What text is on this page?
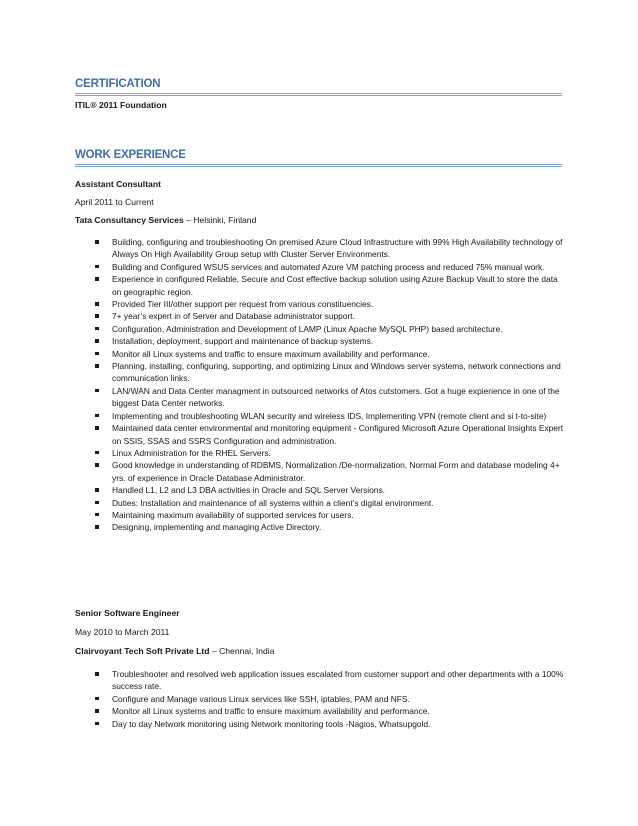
CERTIFICATION
ITIL® 2011 Foundation
WORK EXPERIENCE
Assistant Consultant
April 2011 to Current
Tata Consultancy Services – Helsinki, Finland
Building, configuring and troubleshooting On premised Azure Cloud Infrastructure with 99% High Availability technology of Always On High Availability Group setup with Cluster Server Environments.
Building and Configured WSUS services and automated Azure VM patching process and reduced 75% manual work.
Experience in configured Reliable, Secure and Cost effective backup solution using Azure Backup Vault to store the data on geographic region.
Provided Tier III/other support per request from various constituencies.
7+ year’s expert in of Server and Database administrator support.
Configuration, Administration and Development of LAMP (Linux Apache MySQL PHP) based architecture.
Installation, deployment, support and maintenance of backup systems.
Monitor all Linux systems and traffic to ensure maximum availability and performance.
Planning, installing, configuring, supporting, and optimizing Linux and Windows server systems, network connections and communication links.
LAN/WAN and Data Center managment in outsourced networks of Atos cutstomers. Got a huge expierience in one of the biggest Data Center networks.
Implementing and troubleshooting WLAN security and wireless IDS, Implementing VPN (remote client and si t-to-site)
Maintained data center environmental and monitoring equipment - Configured Microsoft Azure Operational Insights Expert on SSIS, SSAS and SSRS Configuration and administration.
Linux Administration for the RHEL Servers.
Good knowledge in understanding of RDBMS, Normalization /De-normalization, Normal Form and database modeling 4+ yrs. of experience in Oracle Database Administrator.
Handled L1, L2 and L3 DBA activities in Oracle and SQL Server Versions.
Duties: Installation and maintenance of all systems within a client’s digital environment.
Maintaining maximum availability of supported services for users.
Designing, implementing and managing Active Directory.
Senior Software Engineer
May 2010 to March 2011
Clairvoyant Tech Soft Private Ltd – Chennai, India
Troubleshooter and resolved web application issues escalated from customer support and other departments with a 100% success rate.
Configure and Manage various Linux services like SSH, iptables, PAM and NFS.
Monitor all Linux systems and traffic to ensure maximum availability and performance.
Day to day Network monitoring using Network monitoring tools -Nagios, Whatsupgold.
